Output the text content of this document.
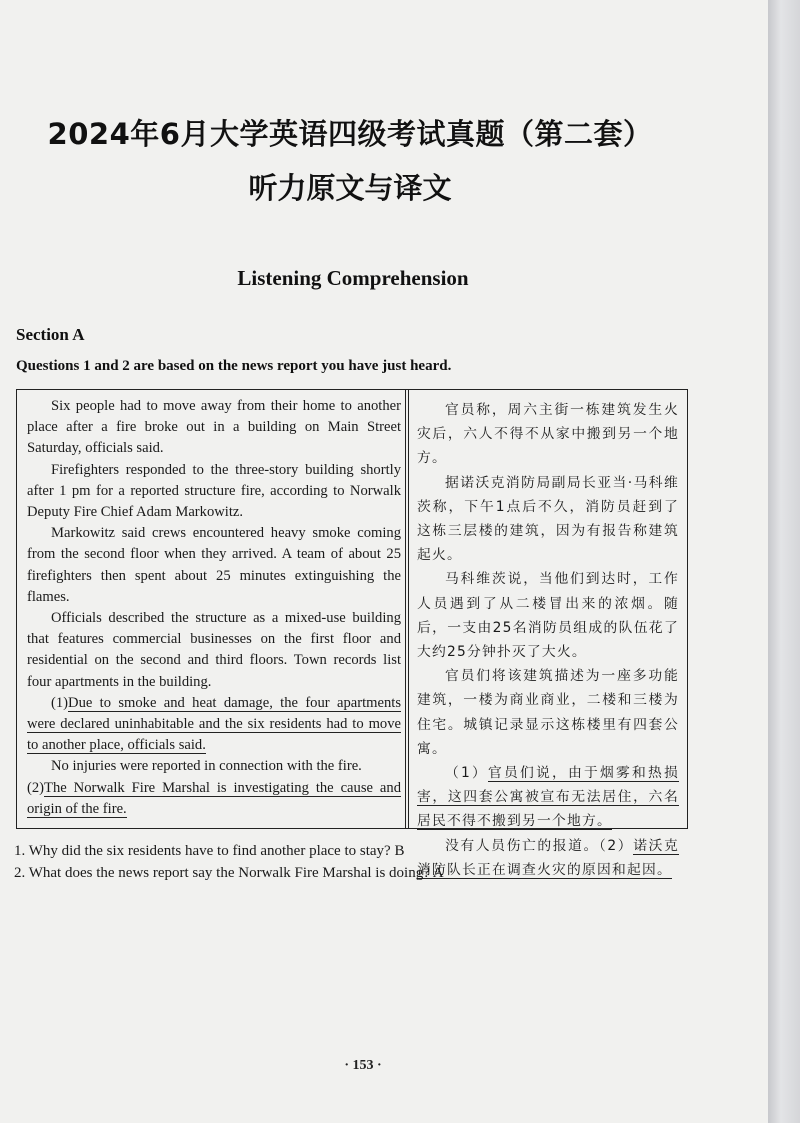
2024年6月大学英语四级考试真题（第二套）
听力原文与译文
Listening Comprehension
Section A
Questions 1 and 2 are based on the news report you have just heard.

Six people had to move away from their home to another place after a fire broke out in a building on Main Street Saturday, officials said.

Firefighters responded to the three-story building shortly after 1 pm for a reported structure fire, according to Norwalk Deputy Fire Chief Adam Markowitz.

Markowitz said crews encountered heavy smoke coming from the second floor when they arrived. A team of about 25 firefighters then spent about 25 minutes extinguishing the flames.

Officials described the structure as a mixed-use building that features commercial businesses on the first floor and residential on the second and third floors. Town records list four apartments in the building.

(1)Due to smoke and heat damage, the four apartments were declared uninhabitable and the six residents had to move to another place, officials said.

No injuries were reported in connection with the fire.

(2)The Norwalk Fire Marshal is investigating the cause and origin of the fire.

官员称，周六主街一栋建筑发生火灾后，六人不得不从家中搬到另一个地方。

据诺沃克消防局副局长亚当·马科维茨称，下午1点后不久，消防员赶到了这栋三层楼的建筑，因为有报告称建筑起火。

马科维茨说，当他们到达时，工作人员遇到了从二楼冒出来的浓烟。随后，一支由25名消防员组成的队伍花了大约25分钟扑灭了大火。

官员们将该建筑描述为一座多功能建筑，一楼为商业商业，二楼和三楼为住宅。城镇记录显示这栋楼里有四套公寓。

（1）官员们说，由于烟雾和热损害，这四套公寓被宣布无法居住，六名居民不得不搬到另一个地方。

没有人员伤亡的报道。（2）诺沃克消防队长正在调查火灾的原因和起因。

1. Why did the six residents have to find another place to stay? B
2. What does the news report say the Norwalk Fire Marshal is doing? A
· 153 ·
